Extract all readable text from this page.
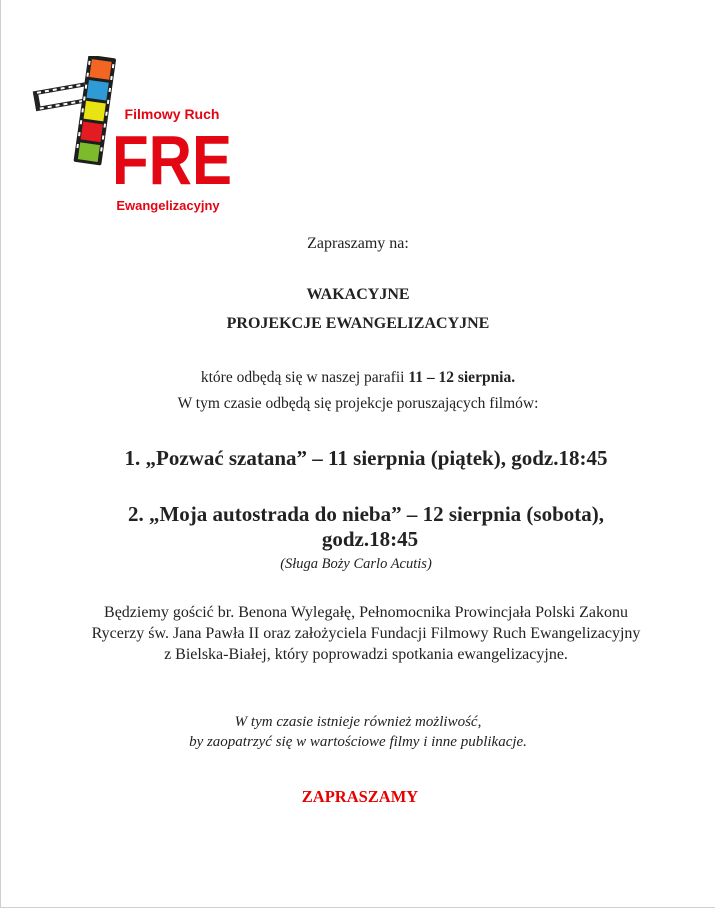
Filmowy Ruch
FRE
Ewangelizacyjny
Zapraszamy na:
WAKACYJNE
PROJEKCJE EWANGELIZACYJNE
które odbędą się w naszej parafii 11 – 12 sierpnia.
W tym czasie odbędą się projekcje poruszających filmów:
1. „Pozwać szatana” – 11 sierpnia (piątek), godz.18:45
2. „Moja autostrada do nieba” – 12 sierpnia (sobota),
godz.18:45
(Sługa Boży Carlo Acutis)
Będziemy gościć br. Benona Wylegałę, Pełnomocnika Prowincjała Polski Zakonu Rycerzy św. Jana Pawła II oraz założyciela Fundacji Filmowy Ruch Ewangelizacyjny z Bielska-Białej, który poprowadzi spotkania ewangelizacyjne.
W tym czasie istnieje również możliwość,
by zaopatrzyć się w wartościowe filmy i inne publikacje.
ZAPRASZAMY
